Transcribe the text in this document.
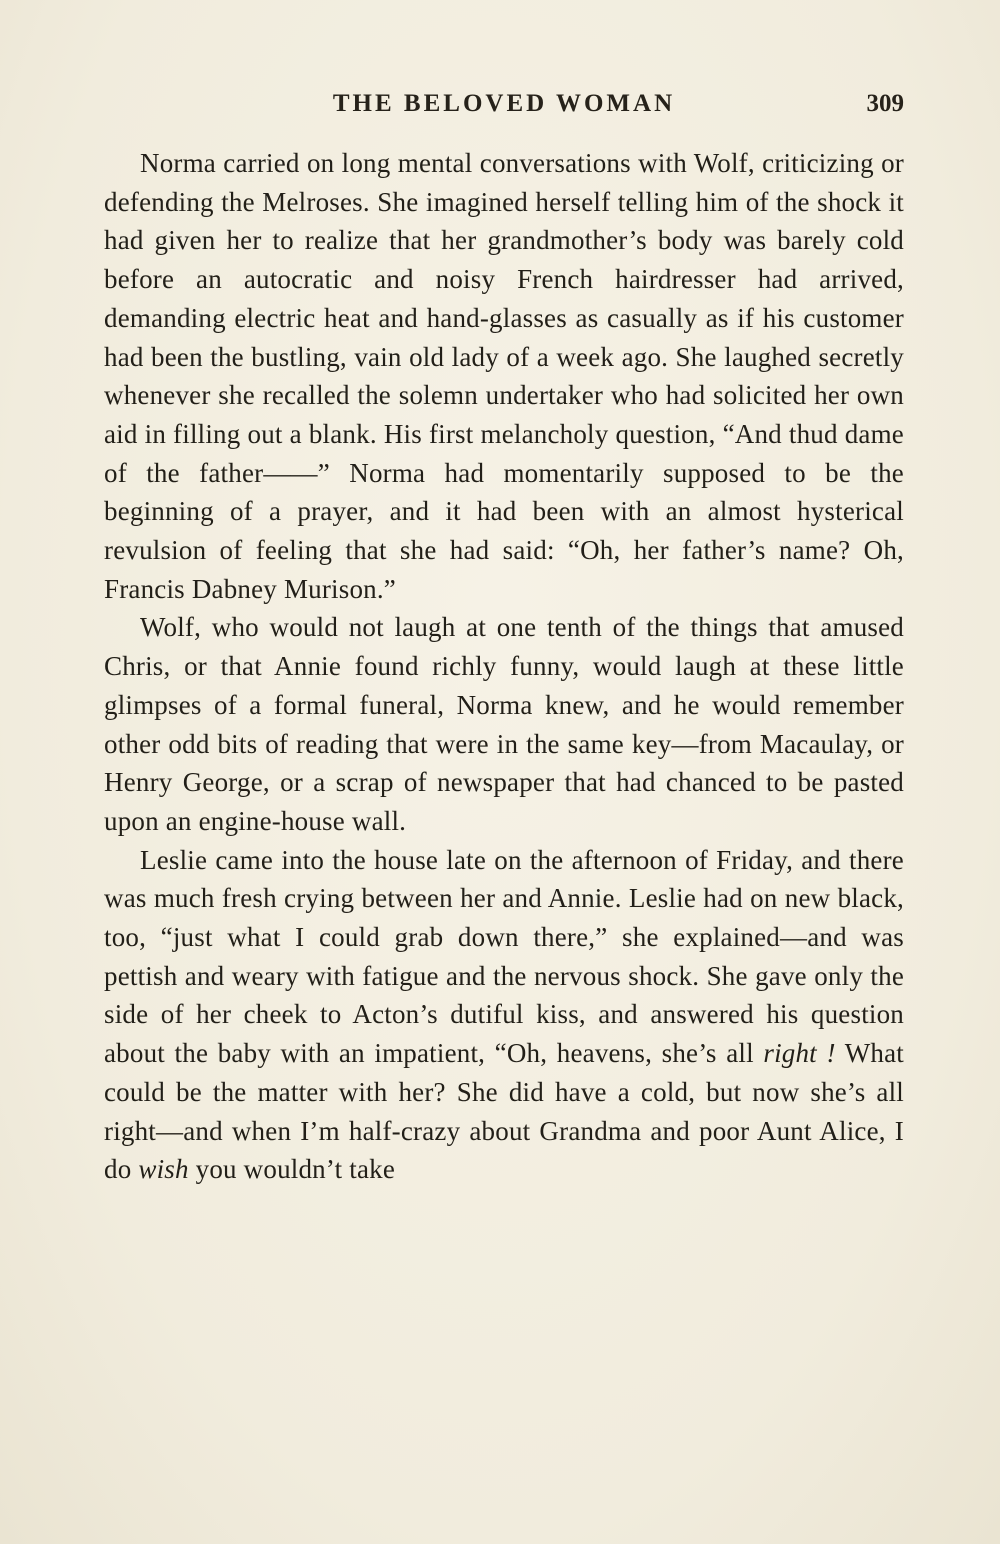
THE BELOVED WOMAN	309

Norma carried on long mental conversations with Wolf, criticizing or defending the Melroses. She imagined herself telling him of the shock it had given her to realize that her grandmother’s body was barely cold before an autocratic and noisy French hairdresser had arrived, demanding electric heat and hand-glasses as casually as if his customer had been the bustling, vain old lady of a week ago. She laughed secretly whenever she recalled the solemn undertaker who had solicited her own aid in filling out a blank. His first melancholy question, “And thud dame of the father——” Norma had momentarily supposed to be the beginning of a prayer, and it had been with an almost hysterical revulsion of feeling that she had said: “Oh, her father’s name? Oh, Francis Dabney Murison.”

Wolf, who would not laugh at one tenth of the things that amused Chris, or that Annie found richly funny, would laugh at these little glimpses of a formal funeral, Norma knew, and he would remember other odd bits of reading that were in the same key—from Macaulay, or Henry George, or a scrap of newspaper that had chanced to be pasted upon an engine-house wall.

Leslie came into the house late on the afternoon of Friday, and there was much fresh crying between her and Annie. Leslie had on new black, too, “just what I could grab down there,” she explained—and was pettish and weary with fatigue and the nervous shock. She gave only the side of her cheek to Acton’s dutiful kiss, and answered his question about the baby with an impatient, “Oh, heavens, she’s all right ! What could be the matter with her? She did have a cold, but now she’s all right—and when I’m half-crazy about Grandma and poor Aunt Alice, I do wish you wouldn’t take
